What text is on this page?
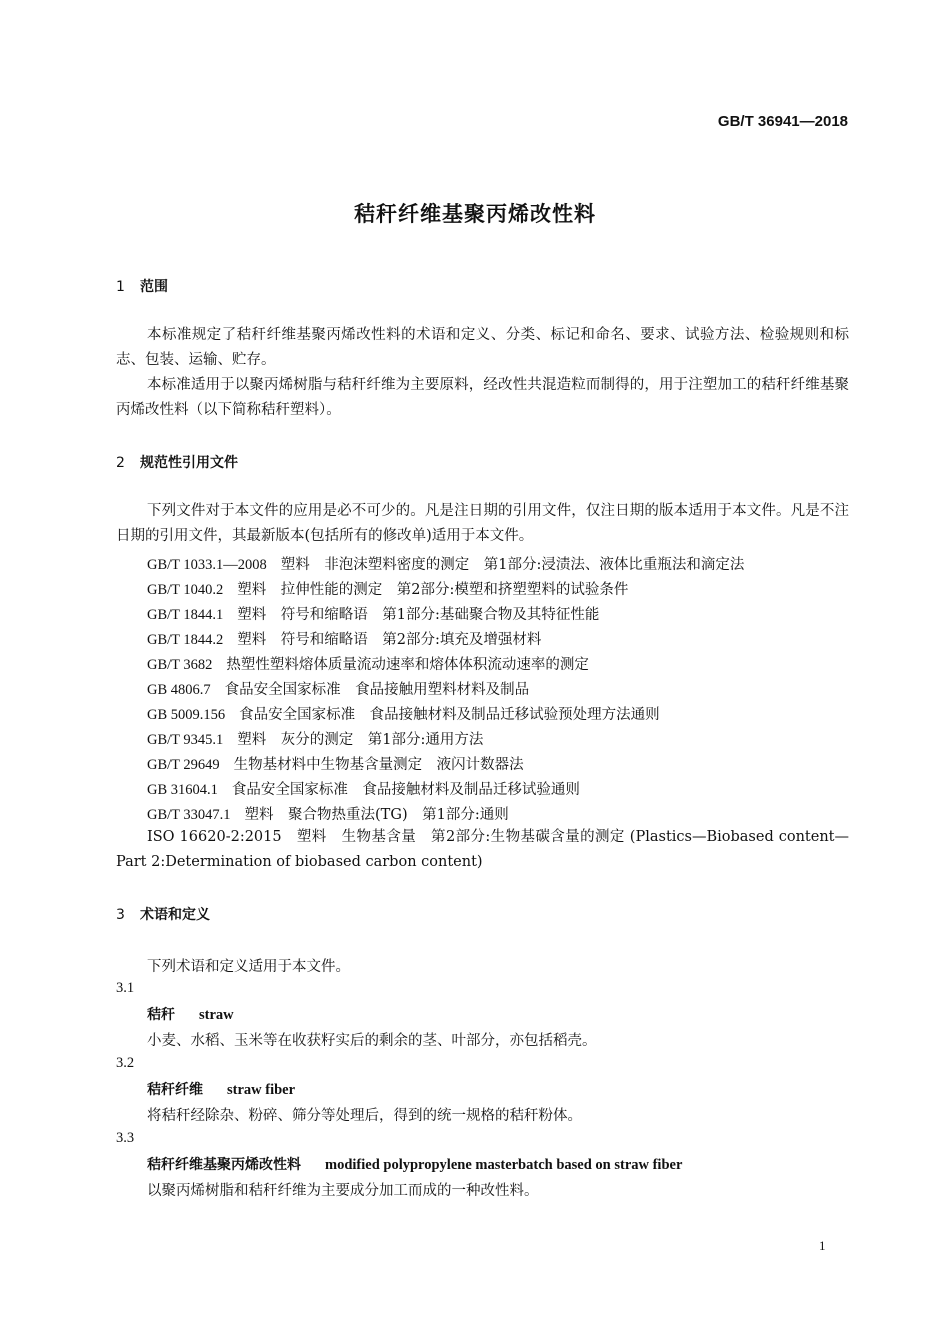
GB/T 36941—2018
秸秆纤维基聚丙烯改性料
1 范围
本标准规定了秸秆纤维基聚丙烯改性料的术语和定义、分类、标记和命名、要求、试验方法、检验规则和标志、包装、运输、贮存。
本标准适用于以聚丙烯树脂与秸秆纤维为主要原料，经改性共混造粒而制得的，用于注塑加工的秸秆纤维基聚丙烯改性料（以下简称秸秆塑料）。
2 规范性引用文件
下列文件对于本文件的应用是必不可少的。凡是注日期的引用文件，仅注日期的版本适用于本文件。凡是不注日期的引用文件，其最新版本(包括所有的修改单)适用于本文件。
GB/T 1033.1—2008 塑料　非泡沫塑料密度的测定　第1部分:浸渍法、液体比重瓶法和滴定法
GB/T 1040.2 塑料　拉伸性能的测定　第2部分:模塑和挤塑塑料的试验条件
GB/T 1844.1 塑料　符号和缩略语　第1部分:基础聚合物及其特征性能
GB/T 1844.2 塑料　符号和缩略语　第2部分:填充及增强材料
GB/T 3682 热塑性塑料熔体质量流动速率和熔体体积流动速率的测定
GB 4806.7 食品安全国家标准　食品接触用塑料材料及制品
GB 5009.156 食品安全国家标准　食品接触材料及制品迁移试验预处理方法通则
GB/T 9345.1 塑料　灰分的测定　第1部分:通用方法
GB/T 29649 生物基材料中生物基含量测定　液闪计数器法
GB 31604.1 食品安全国家标准　食品接触材料及制品迁移试验通则
GB/T 33047.1 塑料　聚合物热重法(TG)　第1部分:通则
ISO 16620-2:2015　塑料　生物基含量　第2部分:生物基碳含量的测定 (Plastics—Biobased content—Part 2:Determination of biobased carbon content)
3 术语和定义
下列术语和定义适用于本文件。
3.1
秸秆 straw
小麦、水稻、玉米等在收获籽实后的剩余的茎、叶部分，亦包括稻壳。
3.2
秸秆纤维 straw fiber
将秸秆经除杂、粉碎、筛分等处理后，得到的统一规格的秸秆粉体。
3.3
秸秆纤维基聚丙烯改性料 modified polypropylene masterbatch based on straw fiber
以聚丙烯树脂和秸秆纤维为主要成分加工而成的一种改性料。
1
